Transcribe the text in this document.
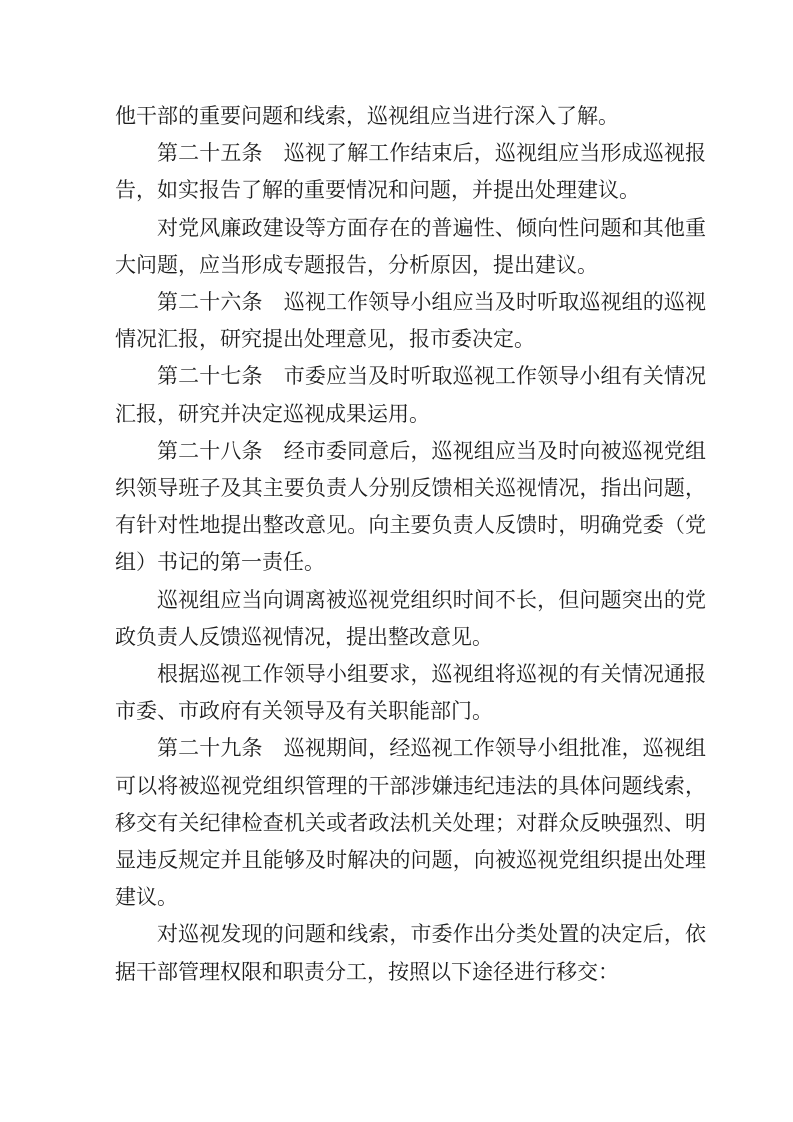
他干部的重要问题和线索，巡视组应当进行深入了解。

第二十五条　巡视了解工作结束后，巡视组应当形成巡视报告，如实报告了解的重要情况和问题，并提出处理建议。

对党风廉政建设等方面存在的普遍性、倾向性问题和其他重大问题，应当形成专题报告，分析原因，提出建议。

第二十六条　巡视工作领导小组应当及时听取巡视组的巡视情况汇报，研究提出处理意见，报市委决定。

第二十七条　市委应当及时听取巡视工作领导小组有关情况汇报，研究并决定巡视成果运用。

第二十八条　经市委同意后，巡视组应当及时向被巡视党组织领导班子及其主要负责人分别反馈相关巡视情况，指出问题，有针对性地提出整改意见。向主要负责人反馈时，明确党委（党组）书记的第一责任。

巡视组应当向调离被巡视党组织时间不长，但问题突出的党政负责人反馈巡视情况，提出整改意见。

根据巡视工作领导小组要求，巡视组将巡视的有关情况通报市委、市政府有关领导及有关职能部门。

第二十九条　巡视期间，经巡视工作领导小组批准，巡视组可以将被巡视党组织管理的干部涉嫌违纪违法的具体问题线索，移交有关纪律检查机关或者政法机关处理；对群众反映强烈、明显违反规定并且能够及时解决的问题，向被巡视党组织提出处理建议。

对巡视发现的问题和线索，市委作出分类处置的决定后，依据干部管理权限和职责分工，按照以下途径进行移交：
